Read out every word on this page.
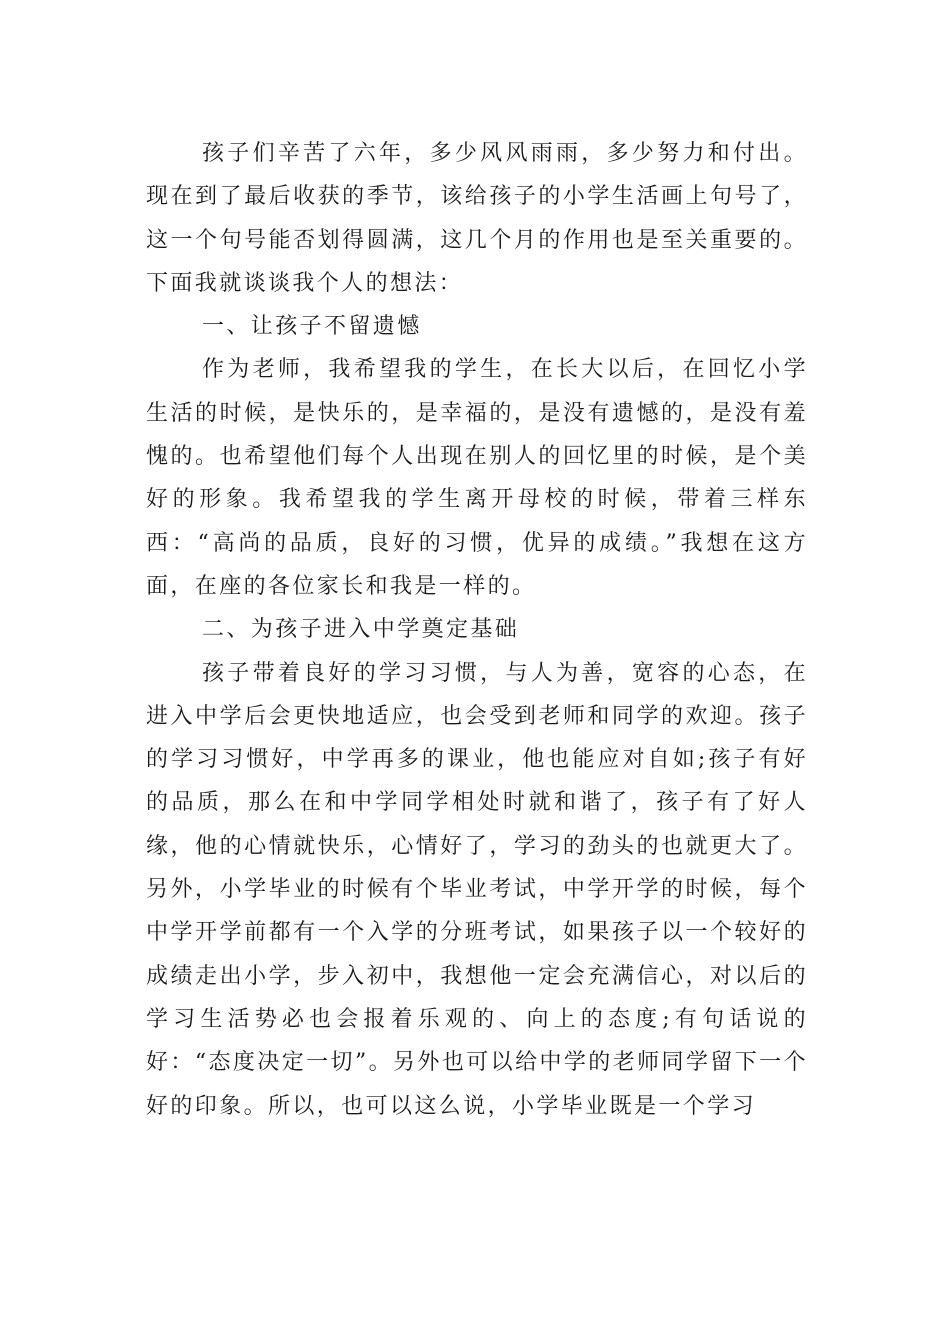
孩子们辛苦了六年，多少风风雨雨，多少努力和付出。现在到了最后收获的季节，该给孩子的小学生活画上句号了，这一个句号能否划得圆满，这几个月的作用也是至关重要的。下面我就谈谈我个人的想法：

一、让孩子不留遗憾

作为老师，我希望我的学生，在长大以后，在回忆小学生活的时候，是快乐的，是幸福的，是没有遗憾的，是没有羞愧的。也希望他们每个人出现在别人的回忆里的时候，是个美好的形象。我希望我的学生离开母校的时候，带着三样东西：“高尚的品质，良好的习惯，优异的成绩。”我想在这方面，在座的各位家长和我是一样的。

二、为孩子进入中学奠定基础

孩子带着良好的学习习惯，与人为善，宽容的心态，在进入中学后会更快地适应，也会受到老师和同学的欢迎。孩子的学习习惯好，中学再多的课业，他也能应对自如;孩子有好的品质，那么在和中学同学相处时就和谐了，孩子有了好人缘，他的心情就快乐，心情好了，学习的劲头的也就更大了。另外，小学毕业的时候有个毕业考试，中学开学的时候，每个中学开学前都有一个入学的分班考试，如果孩子以一个较好的成绩走出小学，步入初中，我想他一定会充满信心，对以后的学习生活势必也会报着乐观的、向上的态度;有句话说的好：“态度决定一切”。另外也可以给中学的老师同学留下一个好的印象。所以，也可以这么说，小学毕业既是一个学习
